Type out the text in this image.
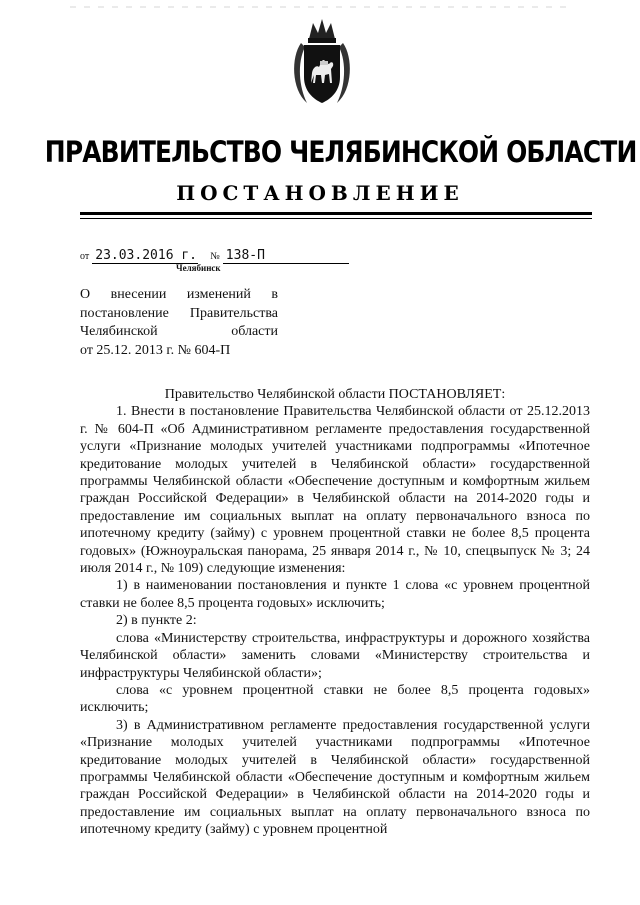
ПРАВИТЕЛЬСТВО ЧЕЛЯБИНСКОЙ ОБЛАСТИ
ПОСТАНОВЛЕНИЕ
от 23.03.2016 г. № 138-П
Челябинск
О внесении изменений в
постановление Правительства
Челябинской области
от 25.12. 2013 г. № 604-П

Правительство Челябинской области ПОСТАНОВЛЯЕТ:

1. Внести в постановление Правительства Челябинской области от 25.12.2013 г. № 604-П «Об Административном регламенте предоставления государственной услуги «Признание молодых учителей участниками подпрограммы «Ипотечное кредитование молодых учителей в Челябинской области» государственной программы Челябинской области «Обеспечение доступным и комфортным жильем граждан Российской Федерации» в Челябинской области на 2014-2020 годы и предоставление им социальных выплат на оплату первоначального взноса по ипотечному кредиту (займу) с уровнем процентной ставки не более 8,5 процента годовых» (Южноуральская панорама, 25 января 2014 г., № 10, спецвыпуск № 3; 24 июля 2014 г., № 109) следующие изменения:

1) в наименовании постановления и пункте 1 слова «с уровнем процентной ставки не более 8,5 процента годовых» исключить;

2) в пункте 2:

слова «Министерству строительства, инфраструктуры и дорожного хозяйства Челябинской области» заменить словами «Министерству строительства и инфраструктуры Челябинской области»;

слова «с уровнем процентной ставки не более 8,5 процента годовых» исключить;

3) в Административном регламенте предоставления государственной услуги «Признание молодых учителей участниками подпрограммы «Ипотечное кредитование молодых учителей в Челябинской области» государственной программы Челябинской области «Обеспечение доступным и комфортным жильем граждан Российской Федерации» в Челябинской области на 2014-2020 годы и предоставление им социальных выплат на оплату первоначального взноса по ипотечному кредиту (займу) с уровнем процентной
